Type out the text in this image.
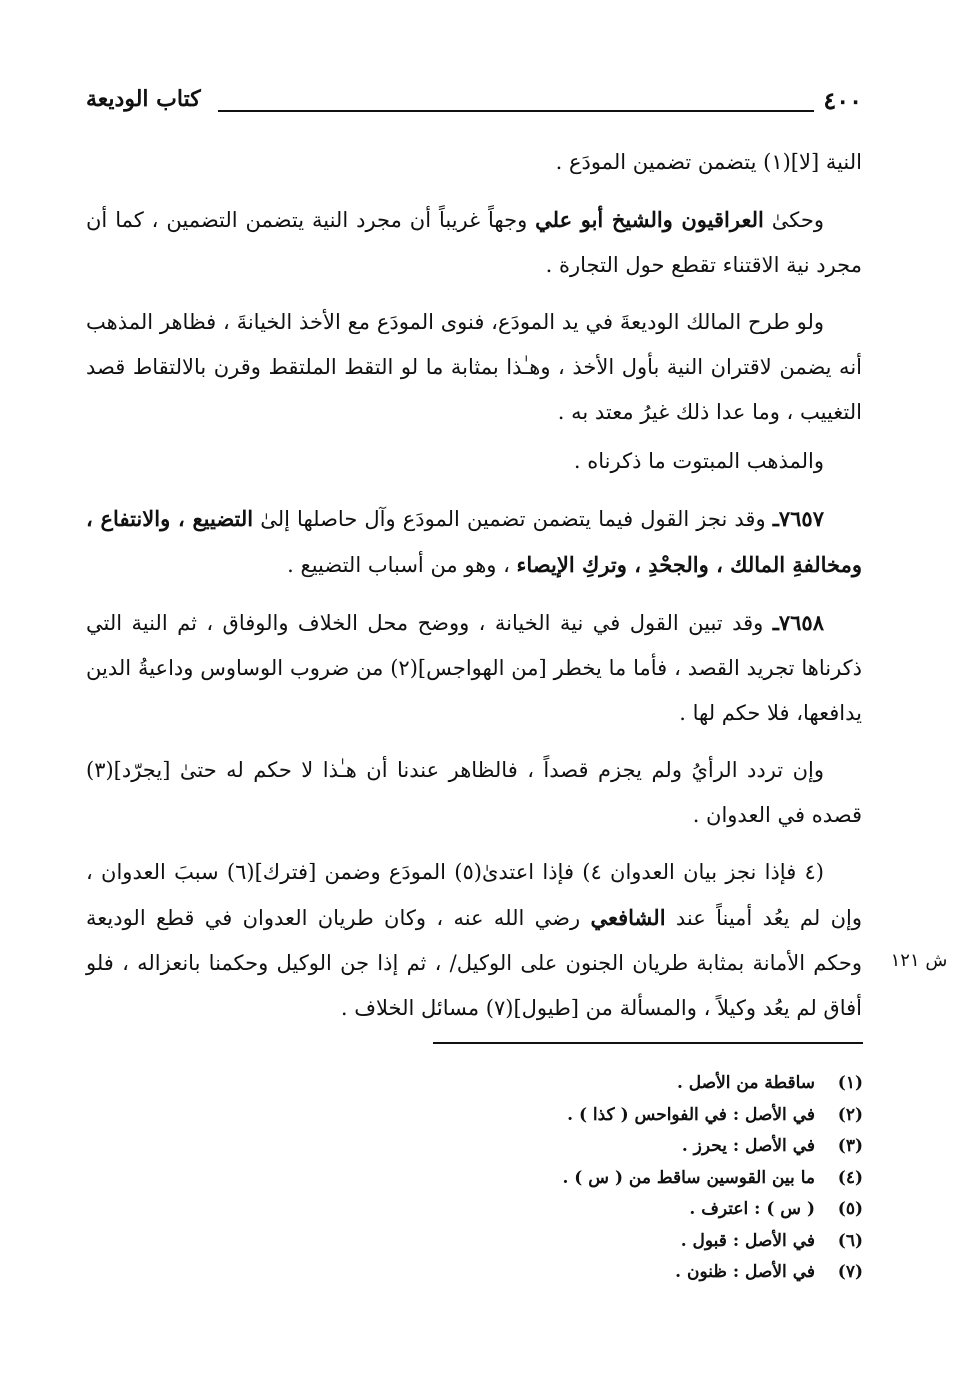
٤٠٠
كتاب الوديعة
ش ١٢١

النية [لا](١) يتضمن تضمين المودَع .

وحكىٰ العراقيون والشيخ أبو علي وجهاً غريباً أن مجرد النية يتضمن التضمين ، كما أن مجرد نية الاقتناء تقطع حول التجارة .

ولو طرح المالك الوديعةَ في يد المودَع، فنوى المودَع مع الأخذ الخيانةَ ، فظاهر المذهب أنه يضمن لاقتران النية بأول الأخذ ، وهـٰذا بمثابة ما لو التقط الملتقط وقرن بالالتقاط قصد التغييب ، وما عدا ذلك غيرُ معتد به .

والمذهب المبتوت ما ذكرناه .

٧٦٥٧ـ وقد نجز القول فيما يتضمن تضمين المودَع وآل حاصلها إلىٰ التضييع ، والانتفاع ، ومخالفةِ المالك ، والجحْدِ ، وتركِ الإيصاء ، وهو من أسباب التضييع .

٧٦٥٨ـ وقد تبين القول في نية الخيانة ، ووضح محل الخلاف والوفاق ، ثم النية التي ذكرناها تجريد القصد ، فأما ما يخطر [من الهواجس](٢) من ضروب الوساوس وداعيةُ الدين يدافعها، فلا حكم لها .

وإن تردد الرأيُ ولم يجزم قصداً ، فالظاهر عندنا أن هـٰذا لا حكم له حتىٰ [يجرّد](٣) قصده في العدوان .

(٤ فإذا نجز بيان العدوان ٤) فإذا اعتدىٰ(٥) المودَع وضمن [فترك](٦) سببَ العدوان ، وإن لم يعُد أميناً عند الشافعي رضي الله عنه ، وكان طريان العدوان في قطع الوديعة وحكم الأمانة بمثابة طريان الجنون على الوكيل/ ، ثم إذا جن الوكيل وحكمنا بانعزاله ، فلو أفاق لم يعُد وكيلاً ، والمسألة من [طيول](٧) مسائل الخلاف .

(١)
ساقطة من الأصل .
(٢)
في الأصل : في الفواحس ( كذا ) .
(٣)
في الأصل : يحرز .
(٤)
ما بين القوسين ساقط من ( س ) .
(٥)
( س ) : اعترف .
(٦)
في الأصل : قبول .
(٧)
في الأصل : ظنون .
